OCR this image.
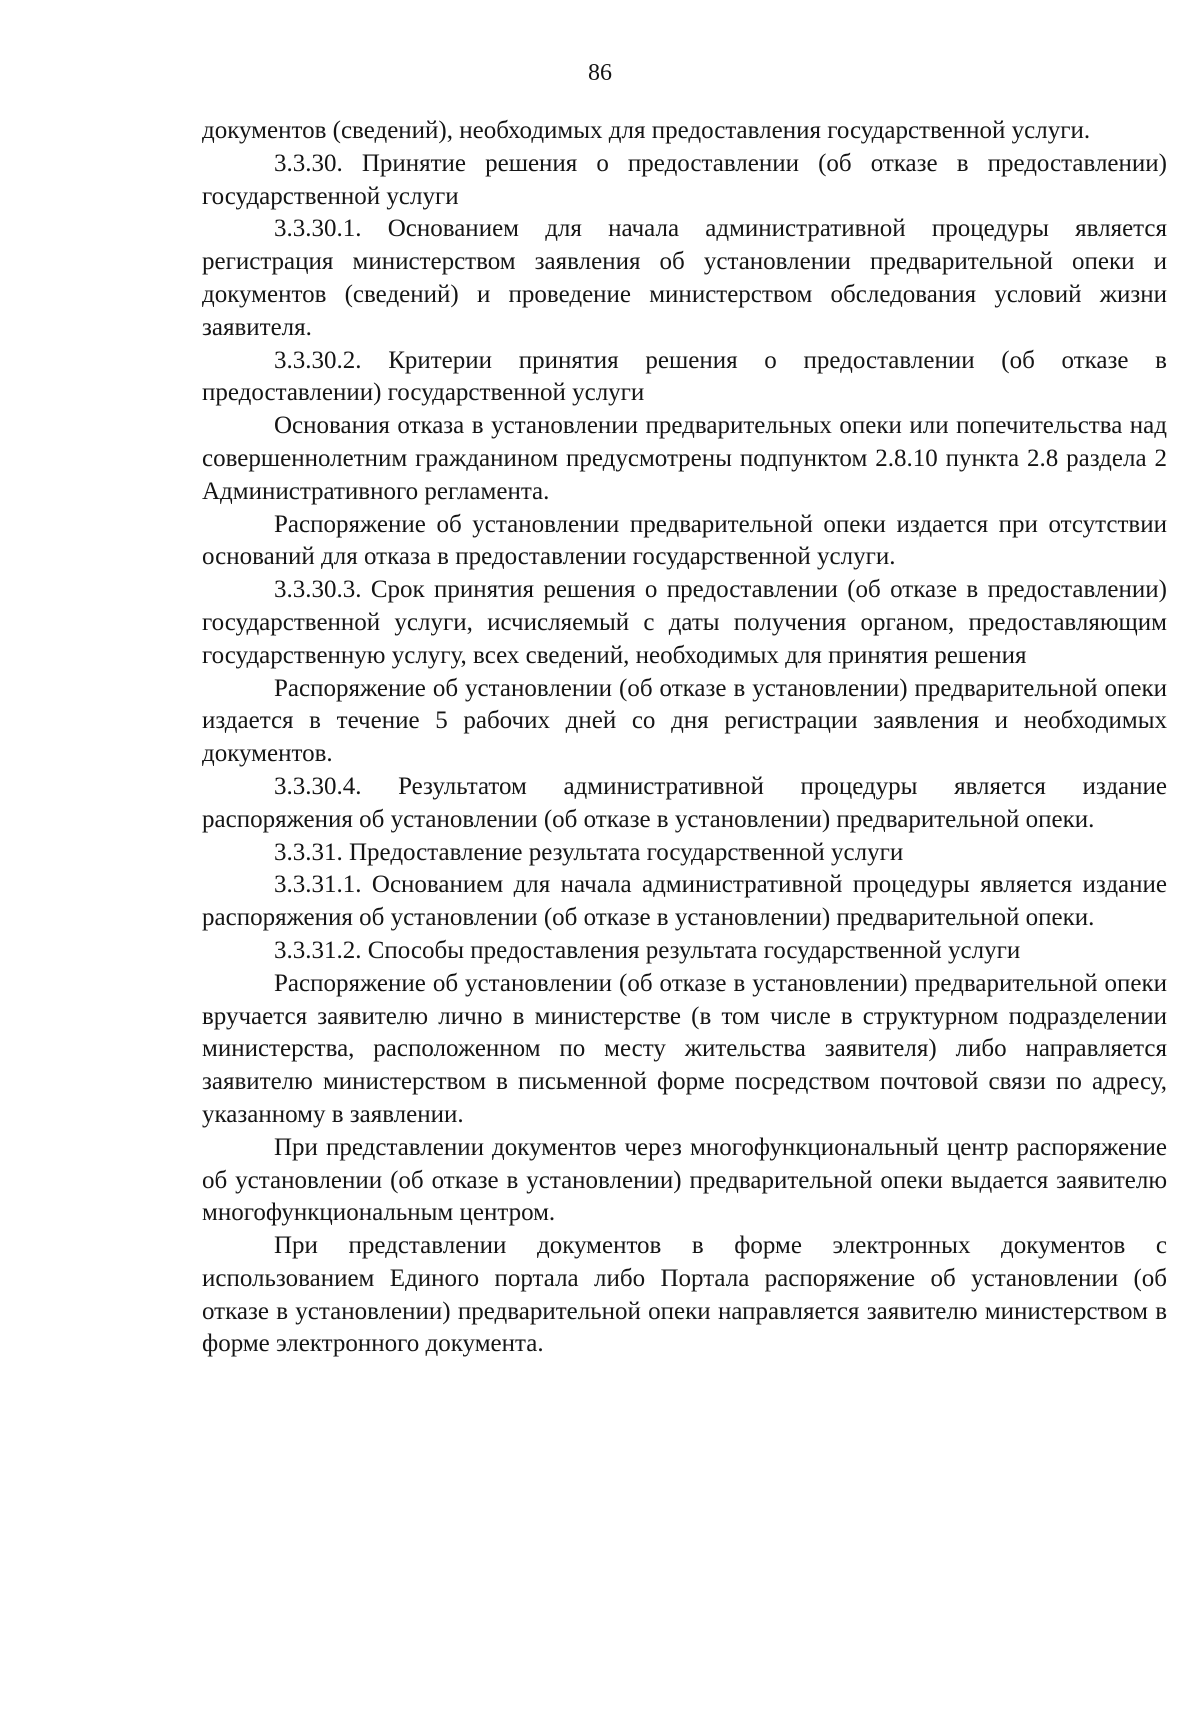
86

документов (сведений), необходимых для предоставления государственной услуги.

3.3.30. Принятие решения о предоставлении (об отказе в предоставлении) государственной услуги

3.3.30.1. Основанием для начала административной процедуры является регистрация министерством заявления об установлении предварительной опеки и документов (сведений) и проведение министерством обследования условий жизни заявителя.

3.3.30.2. Критерии принятия решения о предоставлении (об отказе в предоставлении) государственной услуги

Основания отказа в установлении предварительных опеки или попечительства над совершеннолетним гражданином предусмотрены подпунктом 2.8.10 пункта 2.8 раздела 2 Административного регламента.

Распоряжение об установлении предварительной опеки издается при отсутствии оснований для отказа в предоставлении государственной услуги.

3.3.30.3. Срок принятия решения о предоставлении (об отказе в предоставлении) государственной услуги, исчисляемый с даты получения органом, предоставляющим государственную услугу, всех сведений, необходимых для принятия решения

Распоряжение об установлении (об отказе в установлении) предварительной опеки издается в течение 5 рабочих дней со дня регистрации заявления и необходимых документов.

3.3.30.4. Результатом административной процедуры является издание распоряжения об установлении (об отказе в установлении) предварительной опеки.

3.3.31. Предоставление результата государственной услуги

3.3.31.1. Основанием для начала административной процедуры является издание распоряжения об установлении (об отказе в установлении) предварительной опеки.

3.3.31.2. Способы предоставления результата государственной услуги

Распоряжение об установлении (об отказе в установлении) предварительной опеки вручается заявителю лично в министерстве (в том числе в структурном подразделении министерства, расположенном по месту жительства заявителя) либо направляется заявителю министерством в письменной форме посредством почтовой связи по адресу, указанному в заявлении.

При представлении документов через многофункциональный центр распоряжение об установлении (об отказе в установлении) предварительной опеки выдается заявителю многофункциональным центром.

При представлении документов в форме электронных документов с использованием Единого портала либо Портала распоряжение об установлении (об отказе в установлении) предварительной опеки направляется заявителю министерством в форме электронного документа.
